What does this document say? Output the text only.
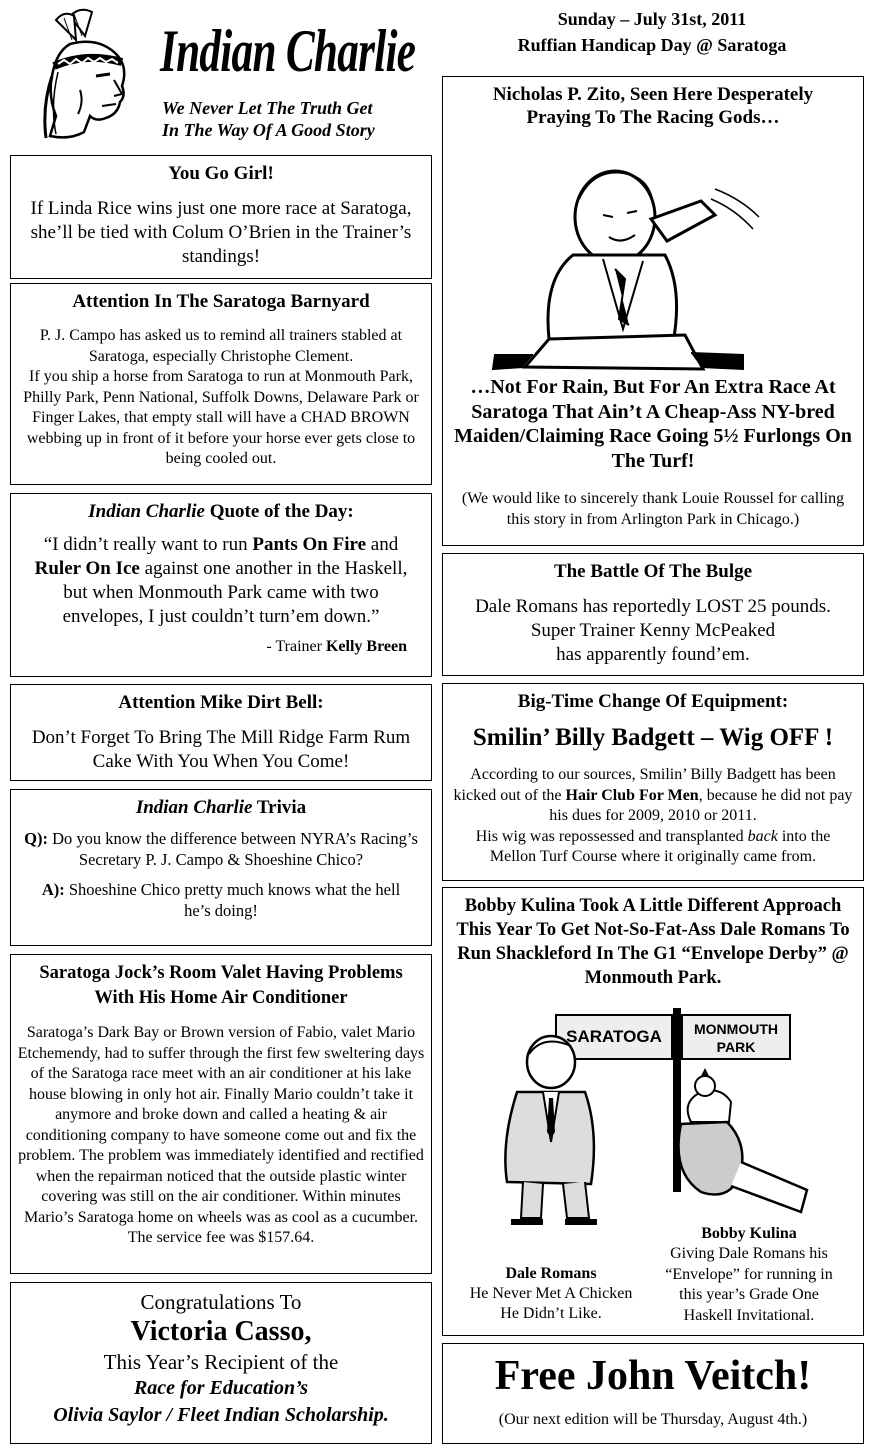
Indian Charlie
We Never Let The Truth Get
In The Way Of A Good Story
Sunday – July 31st, 2011
Ruffian Handicap Day @ Saratoga
You Go Girl!

If Linda Rice wins just one more race at Saratoga, she’ll be tied with Colum O’Brien in the Trainer’s standings!

Attention In The Saratoga Barnyard

P. J. Campo has asked us to remind all trainers stabled at Saratoga, especially Christophe Clement.

If you ship a horse from Saratoga to run at Monmouth Park, Philly Park, Penn National, Suffolk Downs, Delaware Park or Finger Lakes, that empty stall will have a CHAD BROWN webbing up in front of it before your horse ever gets close to being cooled out.

Indian Charlie Quote of the Day:

“I didn’t really want to run Pants On Fire and Ruler On Ice against one another in the Haskell, but when Monmouth Park came with two envelopes, I just couldn’t turn’em down.”

- Trainer Kelly Breen

Attention Mike Dirt Bell:

Don’t Forget To Bring The Mill Ridge Farm Rum Cake With You When You Come!

Indian Charlie Trivia

Q): Do you know the difference between NYRA’s Racing’s Secretary P. J. Campo & Shoeshine Chico?

A): Shoeshine Chico pretty much knows what the hell he’s doing!

Saratoga Jock’s Room Valet Having Problems With His Home Air Conditioner

Saratoga’s Dark Bay or Brown version of Fabio, valet Mario Etchemendy, had to suffer through the first few sweltering days of the Saratoga race meet with an air conditioner at his lake house blowing in only hot air. Finally Mario couldn’t take it anymore and broke down and called a heating & air conditioning company to have someone come out and fix the problem. The problem was immediately identified and rectified when the repairman noticed that the outside plastic winter covering was still on the air conditioner. Within minutes Mario’s Saratoga home on wheels was as cool as a cucumber. The service fee was $157.64.

Congratulations To
Victoria Casso,
This Year’s Recipient of the
Race for Education’s
Olivia Saylor / Fleet Indian Scholarship.
Nicholas P. Zito, Seen Here Desperately Praying To The Racing Gods…
…Not For Rain, But For An Extra Race At Saratoga That Ain’t A Cheap-Ass NY-bred Maiden/Claiming Race Going 5½ Furlongs On The Turf!

(We would like to sincerely thank Louie Roussel for calling this story in from Arlington Park in Chicago.)

The Battle Of The Bulge

Dale Romans has reportedly LOST 25 pounds.

Super Trainer Kenny McPeaked

has apparently found’em.

Big-Time Change Of Equipment:
Smilin’ Billy Badgett – Wig OFF !

According to our sources, Smilin’ Billy Badgett has been kicked out of the Hair Club For Men, because he did not pay his dues for 2009, 2010 or 2011.

His wig was repossessed and transplanted back into the Mellon Turf Course where it originally came from.

Bobby Kulina Took A Little Different Approach This Year To Get Not-So-Fat-Ass Dale Romans To Run Shackleford In The G1 “Envelope Derby” @ Monmouth Park.
SARATOGA	MONMOUTH
PARK
Dale Romans
He Never Met A Chicken He Didn’t Like.
Bobby Kulina
Giving Dale Romans his “Envelope” for running in this year’s Grade One Haskell Invitational.
Free John Veitch!
(Our next edition will be Thursday, August 4th.)
